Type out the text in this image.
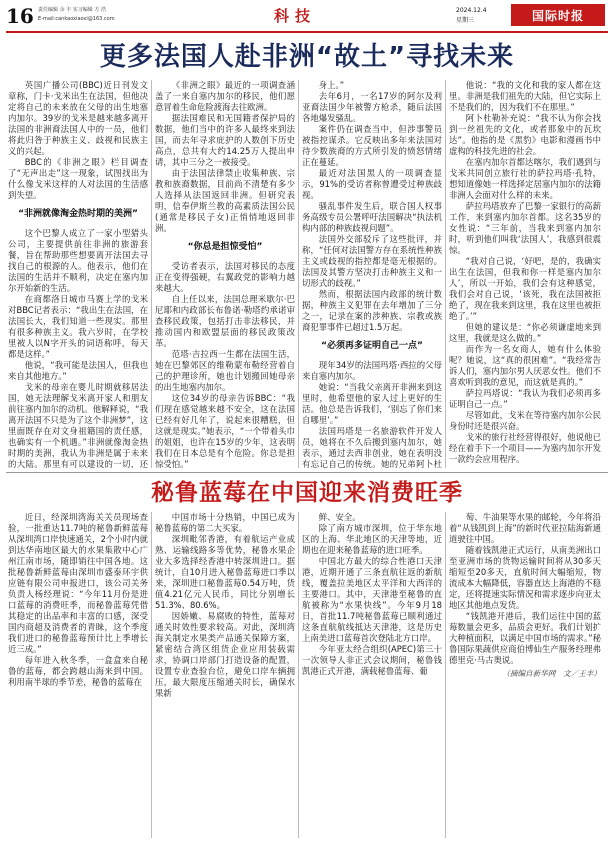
16 责任编辑 余 丰 实习编辑 方 浩
E-mail:cankaoxiaoxi@163.com	科技	2024.12.4
星期三	国际时报
更多法国人赴非洲“故土”寻找未来

英国广播公司(BBC)近日刊发文章称，门卡·戈米出生在法国，但他决定将自己的未来放在父母的出生地塞内加尔。39岁的戈米是越来越多离开法国的非洲裔法国人中的一员，他们将此归咎于种族主义、歧视和民族主义的兴起。

BBC的《非洲之眼》栏目调查了“无声出走”这一现象，试图找出为什么像戈米这样的人对法国的生活感到失望。

“非洲就像淘金热时期的美洲”

这个巴黎人成立了一家小型猎头公司，主要提供前往非洲的旅游套餐，旨在帮助那些想要离开法国去寻找自己的根源的人。他表示，他们在法国的生活并不顺利，决定在塞内加尔开始新的生活。

在商都洛日城市马赛上学的戈米对BBC记者表示：“我出生在法国，在法国长大，我们知道一些现实。那里有很多种族主义。我六岁时，在学校里被人以N字开头的词语称呼，每天都是这样。”

他说，“我可能是法国人，但我也来自其他地方。”

戈米的母亲在婴儿时期就移居法国，她无法理解戈米离开家人和朋友前往塞内加尔的动机。他解释说，“我离开法国不只是为了这个非洲梦”，这里面既存在对文身祖籍国的责任感，也确实有一个机遇。”非洲就像淘金热时期的美洲，我认为非洲是属于未来的大陆。那里有可以建设的一切，还

《非洲之眼》最近的一项调查涵盖了一来自塞内加尔的移民，他们愿意冒着生命危险渡海去往欧洲。

据法国难民和无国籍者保护局的数据，他们当中的许多人最终来到法国，而去年寻求庇护的人数创下历史高点，总共有大约14.25万人提出申请，其中三分之一被接受。

由于法国法律禁止收集种族、宗教和族裔数据，目前尚不清楚有多少人选择从法国返回非洲。但研究表明，信奉伊斯兰教的高素质法国公民(通常是移民子女)正悄悄地返回非洲。

“你总是担惊受怕”

受访者表示，法国对移民的态度正在变得强硬，右翼政党的影响力越来越大。

自上任以来，法国总理米歇尔·巴尼耶和内政部长布鲁诺·勒塔约承诺审查移民政策，包括打击非法移民，并推动国内和欧盟层面的移民政策改革。

范塔·吉拉西一生都在法国生活，她在巴黎郊区的维勒蒙布勒经营着自己的护理诊所，她也计划搬回她母亲的出生地塞内加尔。

这位34岁的母亲告诉BBC：“我们现在感觉越来越不安全，这在法国已经有好几年了，说起来很糟糕，但这就是现实。”她表示，“一个带着头巾的姐姐，也许在15岁的少年，这表明我们在日本总是有个危险。你总是担惊受怕。”

身上。”

去年6月，一名17岁的阿尔及利亚裔法国少年被警方枪杀，随后法国各地爆发骚乱。

案件仍在调查当中，但涉事警员被指控谋杀。它反映出多年来法国对待少数族裔的方式所引发的愤怒情绪正在蔓延。

最近对法国黑人的一项调查显示，91%的受访者称曾遭受过种族歧视。

骚乱事件发生后，联合国人权事务高级专员公署呼吁法国解决“执法机构内部的种族歧视问题”。

法国外交部驳斥了这些批评，并称，“任何对法国警方存在系统性种族主义或歧视的指控都是毫无根据的。法国及其警方坚决打击种族主义和一切形式的歧视。”

然而，根据法国内政部的统计数据，种族主义犯罪在去年增加了三分之一，记录在案的涉种族、宗教或族裔犯罪事件已超过1.5万起。

“必须再多证明自己一点”

现年34岁的法国玛塔·西拉的父母来自塞内加尔。

她说：“当我父亲离开非洲来到这里时，他希望他的家人过上更好的生活。他总是告诉我们，‘别忘了你们来自哪里’。”

法国玛塔是一名旅游软件开发人员，她将在不久后搬到塞内加尔，她表示，通过去西非创业，她在表明没有忘记自己的传统。她的兄弟阿卜杜

他说：“我的文化和我的家人都在这里。非洲是我们祖先的大陆，但它实际上不是我们的，因为我们不在那里。”

阿卜杜勒补充说：“我不认为你会找到一丝祖先的文化，或者那象中的瓦坎达”。他指的是《黑豹》电影和漫画书中虚构的科技先进的社会。

在塞内加尔首都达喀尔，我们遇到与戈米共同创立旅行社的萨拉玛塔·孔特，想知道像她一样选择定居塞内加尔的法籍非洲人会面对什么样的未来。

萨拉玛塔放弃了巴黎一家银行的高薪工作，来到塞内加尔首都。这名35岁的女性说：“三年前，当我来到塞内加尔时，听到他们叫我‘法国人’，我感到很震惊。

“我对自己说，‘好吧，是的，我确实出生在法国，但我和你一样是塞内加尔人’，所以一开始，我们会有这种感觉，我们会对自己说，‘该死，我在法国被拒绝了，现在我来到这里，我在这里也被拒绝了。’”

但她的建议是：“你必须谦虚地来到这里，我就是这么做的。”

而作为一名女商人，她有什么体验呢？她说，这“真的很困难”。“我经常告诉人们，塞内加尔男人厌恶女性。他们不喜欢听到我的意见，而这就是真的。”

萨拉玛塔说：“我认为我们必须再多证明自己一点。”

尽管如此，戈米在等待塞内加尔公民身份时还是很兴奋。

戈米的旅行社经营得很好，他说他已经在着手下一个项目——为塞内加尔开发一款约会应用程序。

秘鲁蓝莓在中国迎来消费旺季

近日，经深圳湾海关关员现场查验，一批重达11.7吨的秘鲁新鲜蓝莓从深圳湾口岸快速通关，2个小时内就到达华南地区最大的水果集散中心广州江南市场，随即销往中国各地。这批秘鲁新鲜蓝莓由深圳市盛泰环宇供应链有限公司申报进口，该公司关务负责人杨经理说：“今年11月份是进口蓝莓的消费旺季，而秘鲁蓝莓凭借其稳定的出品率和丰富的口感，深受国内商超及消费者的青睐，这个季度我们进口的秘鲁蓝莓预计比上季增长近三成。”

每年进入秋冬季，一盒盒来自秘鲁的蓝莓，都会跨越山海来到中国。利用南半球的季节差，秘鲁的蓝莓在

中国市场十分热销，中国已成为秘鲁蓝莓的第二大买家。

深圳毗邻香港，有着航运产业成熟、运输线路多等优势，秘鲁水果企业大多选择经香港中转深圳进口。据统计，自10月进入秘鲁蓝莓进口季以来，深圳进口秘鲁蓝莓0.54万吨，货值4.21亿元人民币，同比分别增长51.3%、80.6%。

因娇嫩、易腐败的特性，蓝莓对通关时效性要求较高。对此，深圳湾海关制定水果类产品通关保障方案，紧密结合湾区组货企业应用装载需求，协调口岸部门打造设备的配置，设置专业查验台位，避免口岸车辆拥压，最大限度压缩通关时长，确保水果新

鲜、安全。

除了南方城市深圳，位于华东地区的上海、华北地区的天津等地，近期也在迎来秘鲁蓝莓的进口旺季。

中国北方最大的综合性港口天津港，近期开通了三条直航往返的新航线，覆盖拉美地区太平洋和大西洋的主要港口。其中，天津港至秘鲁的直航被称为“水果快线”。今年9月18日，首批11.7吨秘鲁蓝莓已顺利通过这条直航航线抵达天津港，这是历史上南美进口蓝莓首次登陆北方口岸。

今年亚太经合组织(APEC)第三十一次领导人非正式会议期间，秘鲁钱凯港正式开港，满载秘鲁蓝莓、葡

萄、牛油果等水果的邮轮，今年将沿着“从钱凯到上海”的新时代亚拉陆海新通道驶往中国。

随着钱凯港正式运行，从南美洲出口至亚洲市场的货物运输时间将从30多天缩短至20多天，直航时间大幅缩短，物流成本大幅降低，容器直达上海港的不稳定，还将提速实际情况和需求逐步向亚太地区其他地点发货。

“钱凯港开港后，我们运往中国的蓝莓数量会更多，品质会更好。我们计划扩大种植面积，以满足中国市场的需求。”秘鲁国际果蔬供应商伯博仙生产服务经理弗德里克·马古奥说。

（摘编自新华网　文／王丰）
